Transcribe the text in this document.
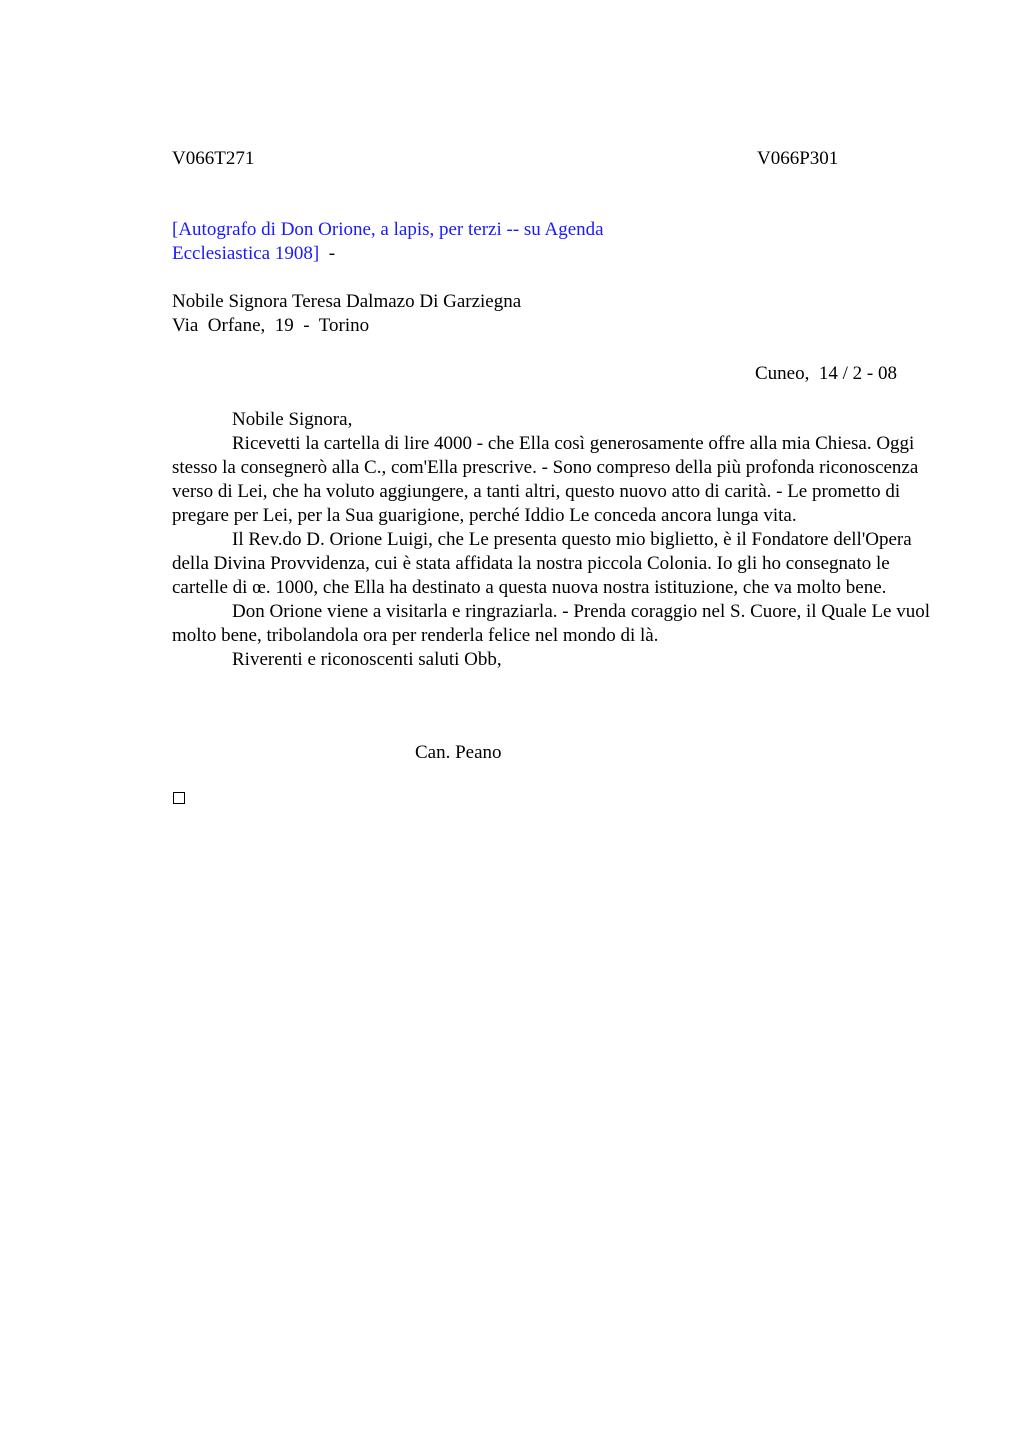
V066T271	V066P301
[Autografo di Don Orione, a lapis, per terzi -- su Agenda Ecclesiastica 1908] -
Nobile Signora Teresa Dalmazo Di Garziegna
Via  Orfane,  19  -  Torino
Cuneo,  14 / 2 - 08

Nobile Signora,

Ricevetti la cartella di lire 4000 - che Ella così generosamente offre alla mia Chiesa. Oggi stesso la consegnerò alla C., com'Ella prescrive. - Sono compreso della più profonda riconoscenza verso di Lei, che ha voluto aggiungere, a tanti altri, questo nuovo atto di carità. - Le prometto di pregare per Lei, per la Sua guarigione, perché Iddio Le conceda ancora lunga vita.

Il Rev.do D. Orione Luigi, che Le presenta questo mio biglietto, è il Fondatore dell'Opera della Divina Provvidenza, cui è stata affidata la nostra piccola Colonia. Io gli ho consegnato le cartelle di œ. 1000, che Ella ha destinato a questa nuova nostra istituzione, che va molto bene.

Don Orione viene a visitarla e ringraziarla. - Prenda coraggio nel S. Cuore, il Quale Le vuol molto bene, tribolandola ora per renderla felice nel mondo di là.

Riverenti e riconoscenti saluti Obb,

Can. Peano
